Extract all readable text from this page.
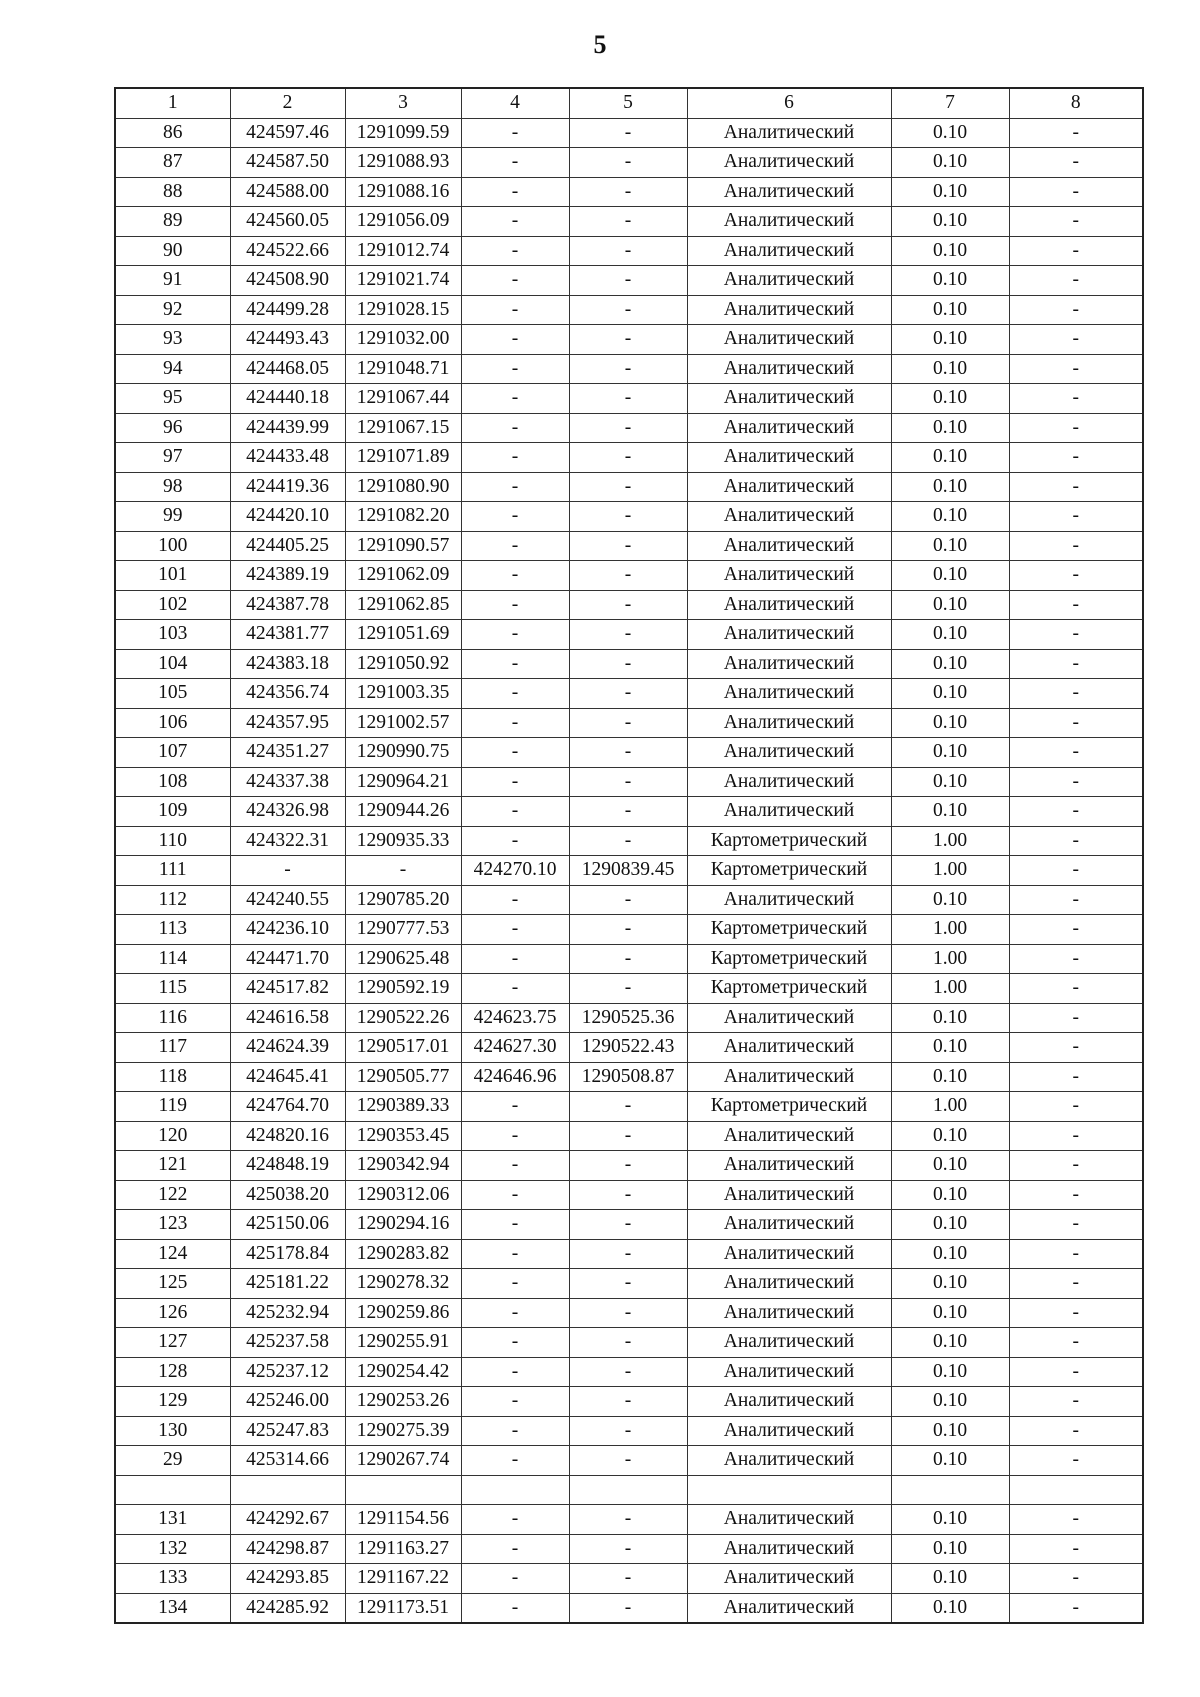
5
1	2	3	4	5	6	7	8
86	424597.46	1291099.59	-	-	Аналитический	0.10	-
87	424587.50	1291088.93	-	-	Аналитический	0.10	-
88	424588.00	1291088.16	-	-	Аналитический	0.10	-
89	424560.05	1291056.09	-	-	Аналитический	0.10	-
90	424522.66	1291012.74	-	-	Аналитический	0.10	-
91	424508.90	1291021.74	-	-	Аналитический	0.10	-
92	424499.28	1291028.15	-	-	Аналитический	0.10	-
93	424493.43	1291032.00	-	-	Аналитический	0.10	-
94	424468.05	1291048.71	-	-	Аналитический	0.10	-
95	424440.18	1291067.44	-	-	Аналитический	0.10	-
96	424439.99	1291067.15	-	-	Аналитический	0.10	-
97	424433.48	1291071.89	-	-	Аналитический	0.10	-
98	424419.36	1291080.90	-	-	Аналитический	0.10	-
99	424420.10	1291082.20	-	-	Аналитический	0.10	-
100	424405.25	1291090.57	-	-	Аналитический	0.10	-
101	424389.19	1291062.09	-	-	Аналитический	0.10	-
102	424387.78	1291062.85	-	-	Аналитический	0.10	-
103	424381.77	1291051.69	-	-	Аналитический	0.10	-
104	424383.18	1291050.92	-	-	Аналитический	0.10	-
105	424356.74	1291003.35	-	-	Аналитический	0.10	-
106	424357.95	1291002.57	-	-	Аналитический	0.10	-
107	424351.27	1290990.75	-	-	Аналитический	0.10	-
108	424337.38	1290964.21	-	-	Аналитический	0.10	-
109	424326.98	1290944.26	-	-	Аналитический	0.10	-
110	424322.31	1290935.33	-	-	Картометрический	1.00	-
111	-	-	424270.10	1290839.45	Картометрический	1.00	-
112	424240.55	1290785.20	-	-	Аналитический	0.10	-
113	424236.10	1290777.53	-	-	Картометрический	1.00	-
114	424471.70	1290625.48	-	-	Картометрический	1.00	-
115	424517.82	1290592.19	-	-	Картометрический	1.00	-
116	424616.58	1290522.26	424623.75	1290525.36	Аналитический	0.10	-
117	424624.39	1290517.01	424627.30	1290522.43	Аналитический	0.10	-
118	424645.41	1290505.77	424646.96	1290508.87	Аналитический	0.10	-
119	424764.70	1290389.33	-	-	Картометрический	1.00	-
120	424820.16	1290353.45	-	-	Аналитический	0.10	-
121	424848.19	1290342.94	-	-	Аналитический	0.10	-
122	425038.20	1290312.06	-	-	Аналитический	0.10	-
123	425150.06	1290294.16	-	-	Аналитический	0.10	-
124	425178.84	1290283.82	-	-	Аналитический	0.10	-
125	425181.22	1290278.32	-	-	Аналитический	0.10	-
126	425232.94	1290259.86	-	-	Аналитический	0.10	-
127	425237.58	1290255.91	-	-	Аналитический	0.10	-
128	425237.12	1290254.42	-	-	Аналитический	0.10	-
129	425246.00	1290253.26	-	-	Аналитический	0.10	-
130	425247.83	1290275.39	-	-	Аналитический	0.10	-
29	425314.66	1290267.74	-	-	Аналитический	0.10	-

131	424292.67	1291154.56	-	-	Аналитический	0.10	-
132	424298.87	1291163.27	-	-	Аналитический	0.10	-
133	424293.85	1291167.22	-	-	Аналитический	0.10	-
134	424285.92	1291173.51	-	-	Аналитический	0.10	-
